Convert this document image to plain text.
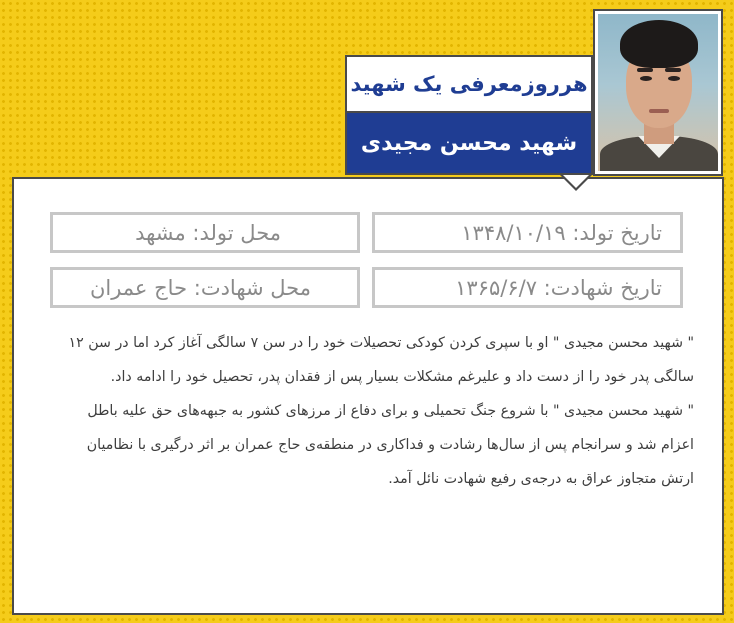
هرروزمعرفی یک شهید
شهید محسن مجیدی
تاریخ تولد: ۱۳۴۸/۱۰/۱۹
محل تولد: مشهد
تاریخ شهادت: ۱۳۶۵/۶/۷
محل شهادت: حاج عمران

" شهید محسن مجیدی " او با سپری کردن کودکی تحصیلات خود را در سن ۷ سالگی آغاز کرد اما در سن ۱۲ سالگی پدر خود را از دست داد و علیرغم مشکلات بسیار پس از فقدان پدر، تحصیل خود را ادامه داد.

" شهید محسن مجیدی " با شروع جنگ تحمیلی و برای دفاع از مرزهای کشور به جبهه‌های حق علیه باطل اعزام شد و سرانجام پس از سال‌ها رشادت و فداکاری در منطقه‌ی حاج عمران بر اثر درگیری با نظامیان ارتش متجاوز عراق به درجه‌ی رفیع شهادت نائل آمد.
